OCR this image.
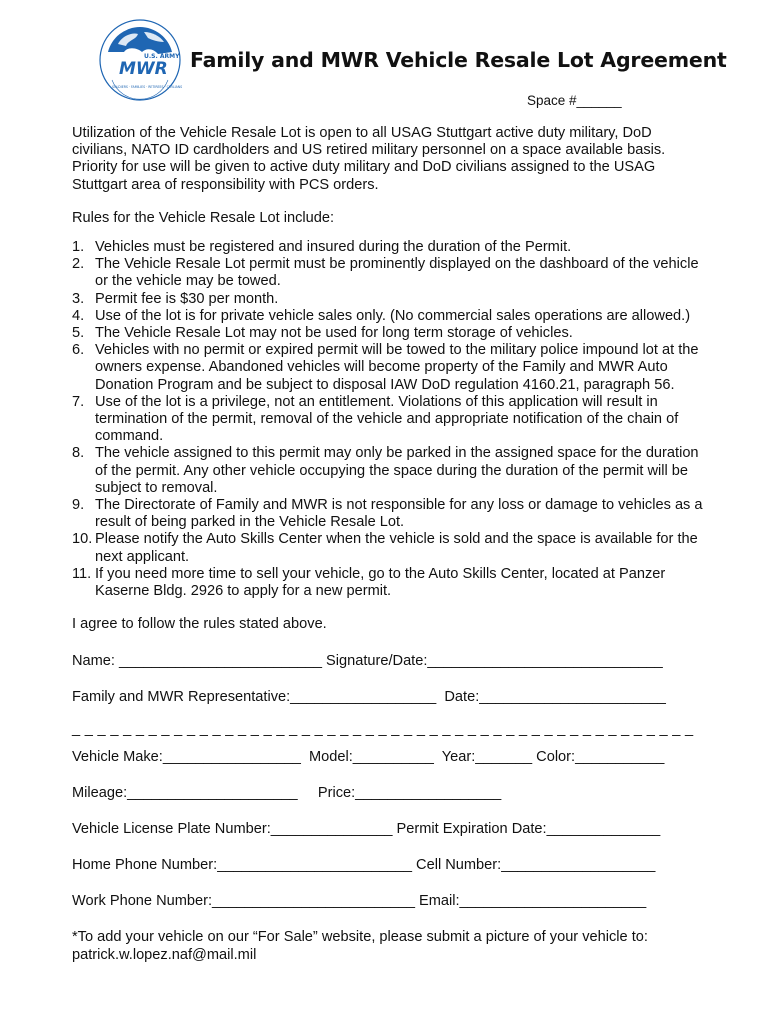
U.S. ARMY
MWR
SOLDIERS · FAMILIES · RETIREES · CIVILIANS
Family and MWR Vehicle Resale Lot Agreement
Space #______

Utilization of the Vehicle Resale Lot is open to all USAG Stuttgart active duty military, DoD civilians, NATO ID cardholders and US retired military personnel on a space available basis. Priority for use will be given to active duty military and DoD civilians assigned to the USAG Stuttgart area of responsibility with PCS orders.

Rules for the Vehicle Resale Lot include:

1. Vehicles must be registered and insured during the duration of the Permit.
2. The Vehicle Resale Lot permit must be prominently displayed on the dashboard of the vehicle or the vehicle may be towed.
3. Permit fee is $30 per month.
4. Use of the lot is for private vehicle sales only. (No commercial sales operations are allowed.)
5. The Vehicle Resale Lot may not be used for long term storage of vehicles.
6. Vehicles with no permit or expired permit will be towed to the military police impound lot at the owners expense. Abandoned vehicles will become property of the Family and MWR Auto Donation Program and be subject to disposal IAW DoD regulation 4160.21, paragraph 56.
7. Use of the lot is a privilege, not an entitlement. Violations of this application will result in termination of the permit, removal of the vehicle and appropriate notification of the chain of command.
8. The vehicle assigned to this permit may only be parked in the assigned space for the duration of the permit. Any other vehicle occupying the space during the duration of the permit will be subject to removal.
9. The Directorate of Family and MWR is not responsible for any loss or damage to vehicles as a result of being parked in the Vehicle Resale Lot.
10. Please notify the Auto Skills Center when the vehicle is sold and the space is available for the next applicant.
11. If you need more time to sell your vehicle, go to the Auto Skills Center, located at Panzer Kaserne Bldg. 2926 to apply for a new permit.

I agree to follow the rules stated above.

Name: _________________________ Signature/Date:_____________________________

Family and MWR Representative:__________________  Date:_______________________

_ _ _ _ _ _ _ _ _ _ _ _ _ _ _ _ _ _ _ _ _ _ _ _ _ _ _ _ _ _ _ _ _ _ _ _ _ _ _ _ _ _ _ _ _ _ _ _ _

Vehicle Make:_________________  Model:__________  Year:_______ Color:___________

Mileage:_____________________     Price:__________________

Vehicle License Plate Number:_______________ Permit Expiration Date:______________

Home Phone Number:________________________ Cell Number:___________________

Work Phone Number:_________________________ Email:_______________________

*To add your vehicle on our “For Sale” website, please submit a picture of your vehicle to: patrick.w.lopez.naf@mail.mil
